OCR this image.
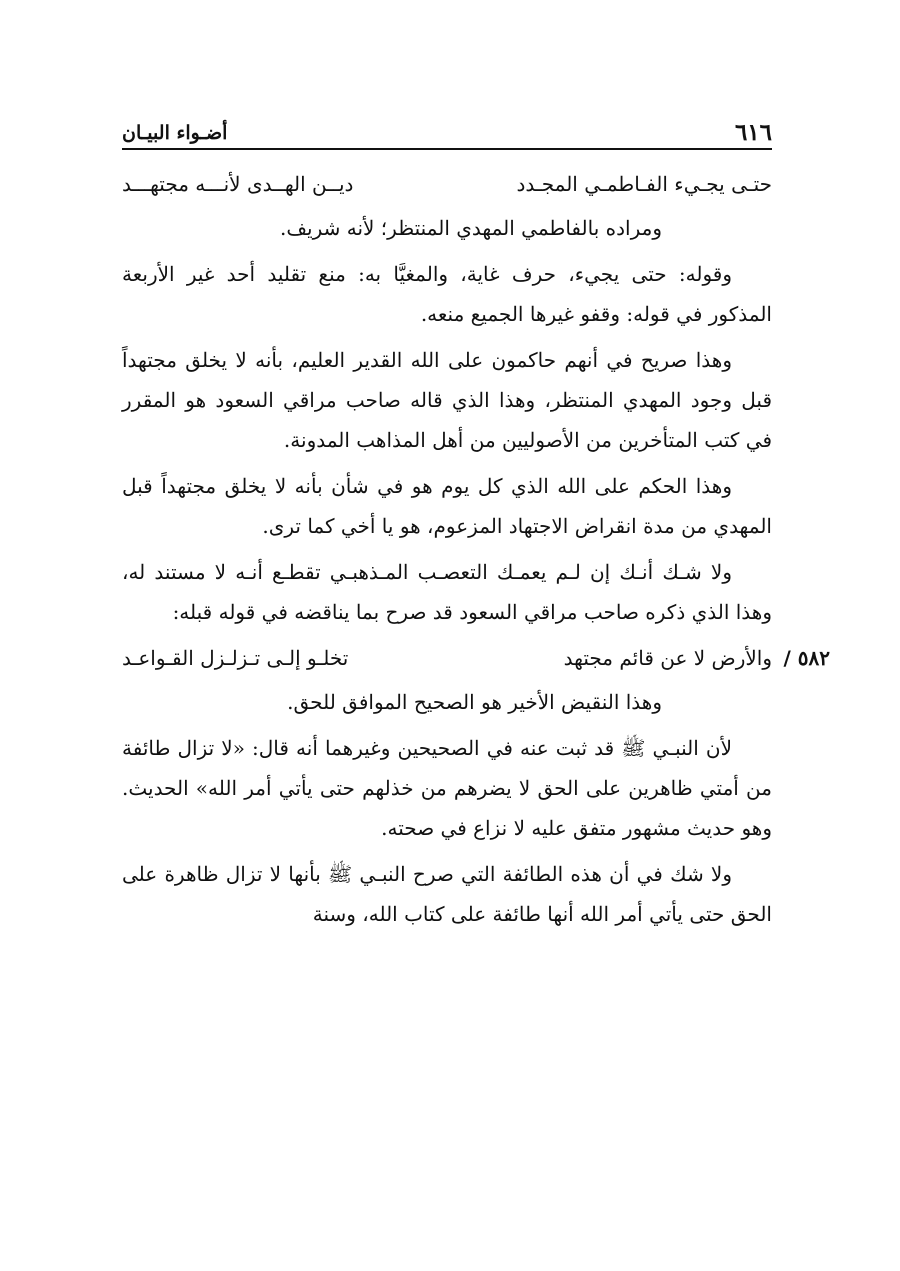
٦١٦
أضـواء البيـان
حتـى يجـيء الفـاطمـي المجـدد
ديــن الهــدى لأنـــه مجتهـــد

ومراده بالفاطمي المهدي المنتظر؛ لأنه شريف.

وقوله: حتى يجيء، حرف غاية، والمغيَّا به: منع تقليد أحد غير الأربعة المذكور في قوله: وقفو غيرها الجميع منعه.

وهذا صريح في أنهم حاكمون على الله القدير العليم، بأنه لا يخلق مجتهداً قبل وجود المهدي المنتظر، وهذا الذي قاله صاحب مراقي السعود هو المقرر في كتب المتأخرين من الأصوليين من أهل المذاهب المدونة.

وهذا الحكم على الله الذي كل يوم هو في شأن بأنه لا يخلق مجتهداً قبل المهدي من مدة انقراض الاجتهاد المزعوم، هو يا أخي كما ترى.

ولا شـك أنـك إن لـم يعمـك التعصـب المـذهبـي تقطـع أنـه لا مستند له، وهذا الذي ذكره صاحب مراقي السعود قد صرح بما يناقضه في قوله قبله:

٥٨٢ /
والأرض لا عن قائم مجتهد
تخلـو إلـى تـزلـزل القـواعـد

وهذا النقيض الأخير هو الصحيح الموافق للحق.

لأن النبـي ﷺ قد ثبت عنه في الصحيحين وغيرهما أنه قال: «لا تزال طائفة من أمتي ظاهرين على الحق لا يضرهم من خذلهم حتى يأتي أمر الله» الحديث. وهو حديث مشهور متفق عليه لا نزاع في صحته.

ولا شك في أن هذه الطائفة التي صرح النبـي ﷺ بأنها لا تزال ظاهرة على الحق حتى يأتي أمر الله أنها طائفة على كتاب الله، وسنة
